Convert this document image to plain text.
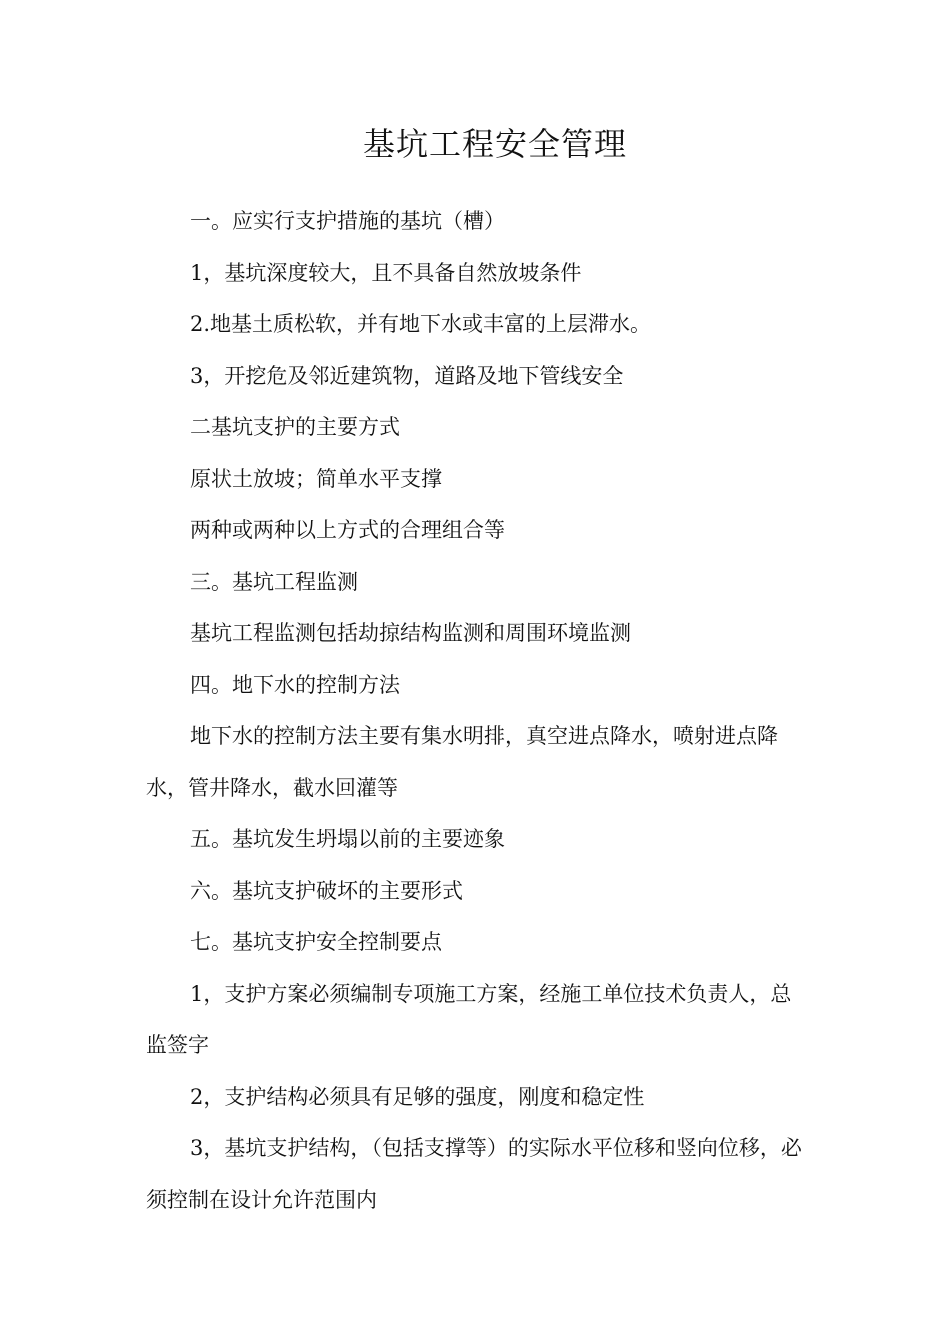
基坑工程安全管理

一。应实行支护措施的基坑（槽）

1，基坑深度较大，且不具备自然放坡条件

2.地基土质松软，并有地下水或丰富的上层滞水。

3，开挖危及邻近建筑物，道路及地下管线安全

二基坑支护的主要方式

原状土放坡；简单水平支撑

两种或两种以上方式的合理组合等

三。基坑工程监测

基坑工程监测包括劫掠结构监测和周围环境监测

四。地下水的控制方法

地下水的控制方法主要有集水明排，真空进点降水，喷射进点降水，管井降水，截水回灌等

五。基坑发生坍塌以前的主要迹象

六。基坑支护破坏的主要形式

七。基坑支护安全控制要点

1，支护方案必须编制专项施工方案，经施工单位技术负责人，总监签字

2，支护结构必须具有足够的强度，刚度和稳定性

3，基坑支护结构，（包括支撑等）的实际水平位移和竖向位移，必须控制在设计允许范围内
